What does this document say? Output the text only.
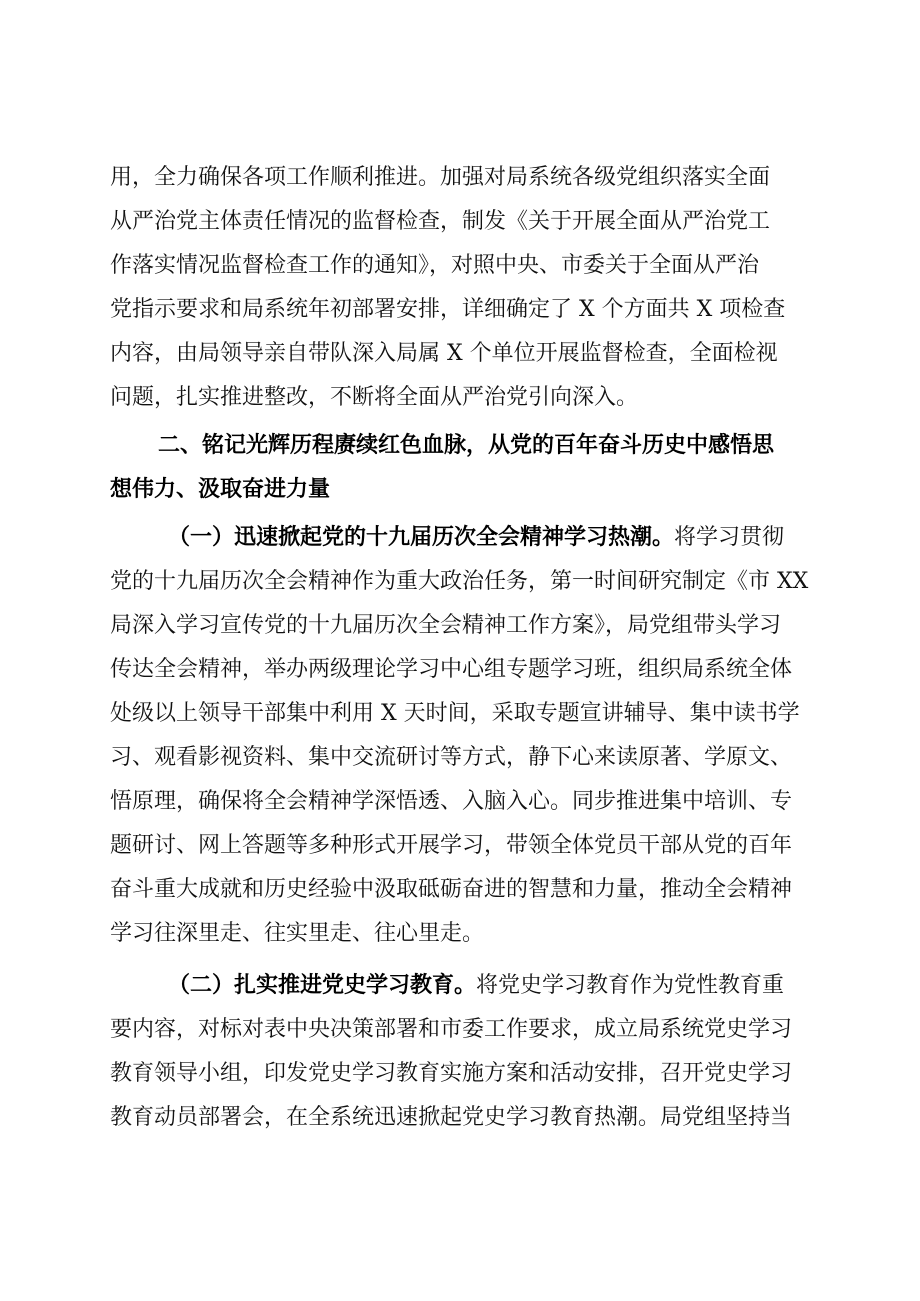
用，全力确保各项工作顺利推进。加强对局系统各级党组织落实全面
从严治党主体责任情况的监督检查，制发《关于开展全面从严治党工
作落实情况监督检查工作的通知》，对照中央、市委关于全面从严治
党指示要求和局系统年初部署安排，详细确定了 X 个方面共 X 项检查
内容，由局领导亲自带队深入局属 X 个单位开展监督检查，全面检视
问题，扎实推进整改，不断将全面从严治党引向深入。
二、铭记光辉历程赓续红色血脉，从党的百年奋斗历史中感悟思
想伟力、汲取奋进力量
（一）迅速掀起党的十九届历次全会精神学习热潮。将学习贯彻
党的十九届历次全会精神作为重大政治任务，第一时间研究制定《市 XX
局深入学习宣传党的十九届历次全会精神工作方案》，局党组带头学习
传达全会精神，举办两级理论学习中心组专题学习班，组织局系统全体
处级以上领导干部集中利用 X 天时间，采取专题宣讲辅导、集中读书学
习、观看影视资料、集中交流研讨等方式，静下心来读原著、学原文、
悟原理，确保将全会精神学深悟透、入脑入心。同步推进集中培训、专
题研讨、网上答题等多种形式开展学习，带领全体党员干部从党的百年
奋斗重大成就和历史经验中汲取砥砺奋进的智慧和力量，推动全会精神
学习往深里走、往实里走、往心里走。
（二）扎实推进党史学习教育。将党史学习教育作为党性教育重
要内容，对标对表中央决策部署和市委工作要求，成立局系统党史学习
教育领导小组，印发党史学习教育实施方案和活动安排，召开党史学习
教育动员部署会，在全系统迅速掀起党史学习教育热潮。局党组坚持当
